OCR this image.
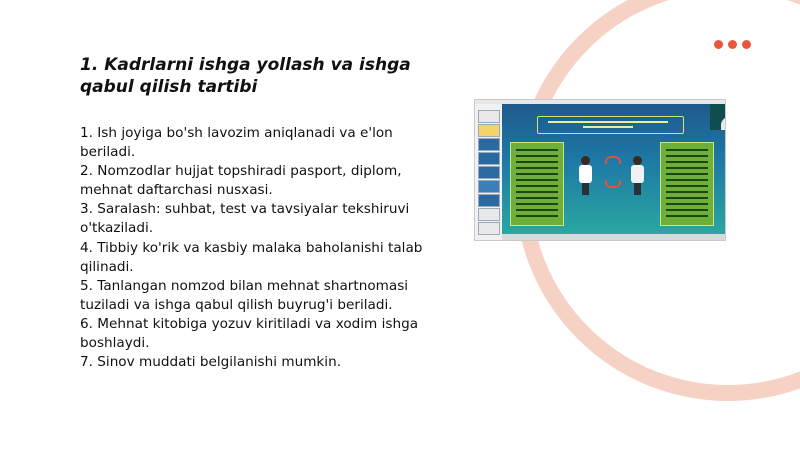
1. Kadrlarni ishga yollash va ishga qabul qilish tartibi
1. Ish joyiga bo'sh lavozim aniqlanadi va e'lon beriladi.
2. Nomzodlar hujjat topshiradi pasport, diplom, mehnat daftarchasi nusxasi.
3. Saralash: suhbat, test va tavsiyalar tekshiruvi o'tkaziladi.
4. Tibbiy ko'rik va kasbiy malaka baholanishi talab qilinadi.
5. Tanlangan nomzod bilan mehnat shartnomasi tuziladi va ishga qabul qilish buyrug'i beriladi.
6. Mehnat kitobiga yozuv kiritiladi va xodim ishga boshlaydi.
7. Sinov muddati belgilanishi mumkin.
